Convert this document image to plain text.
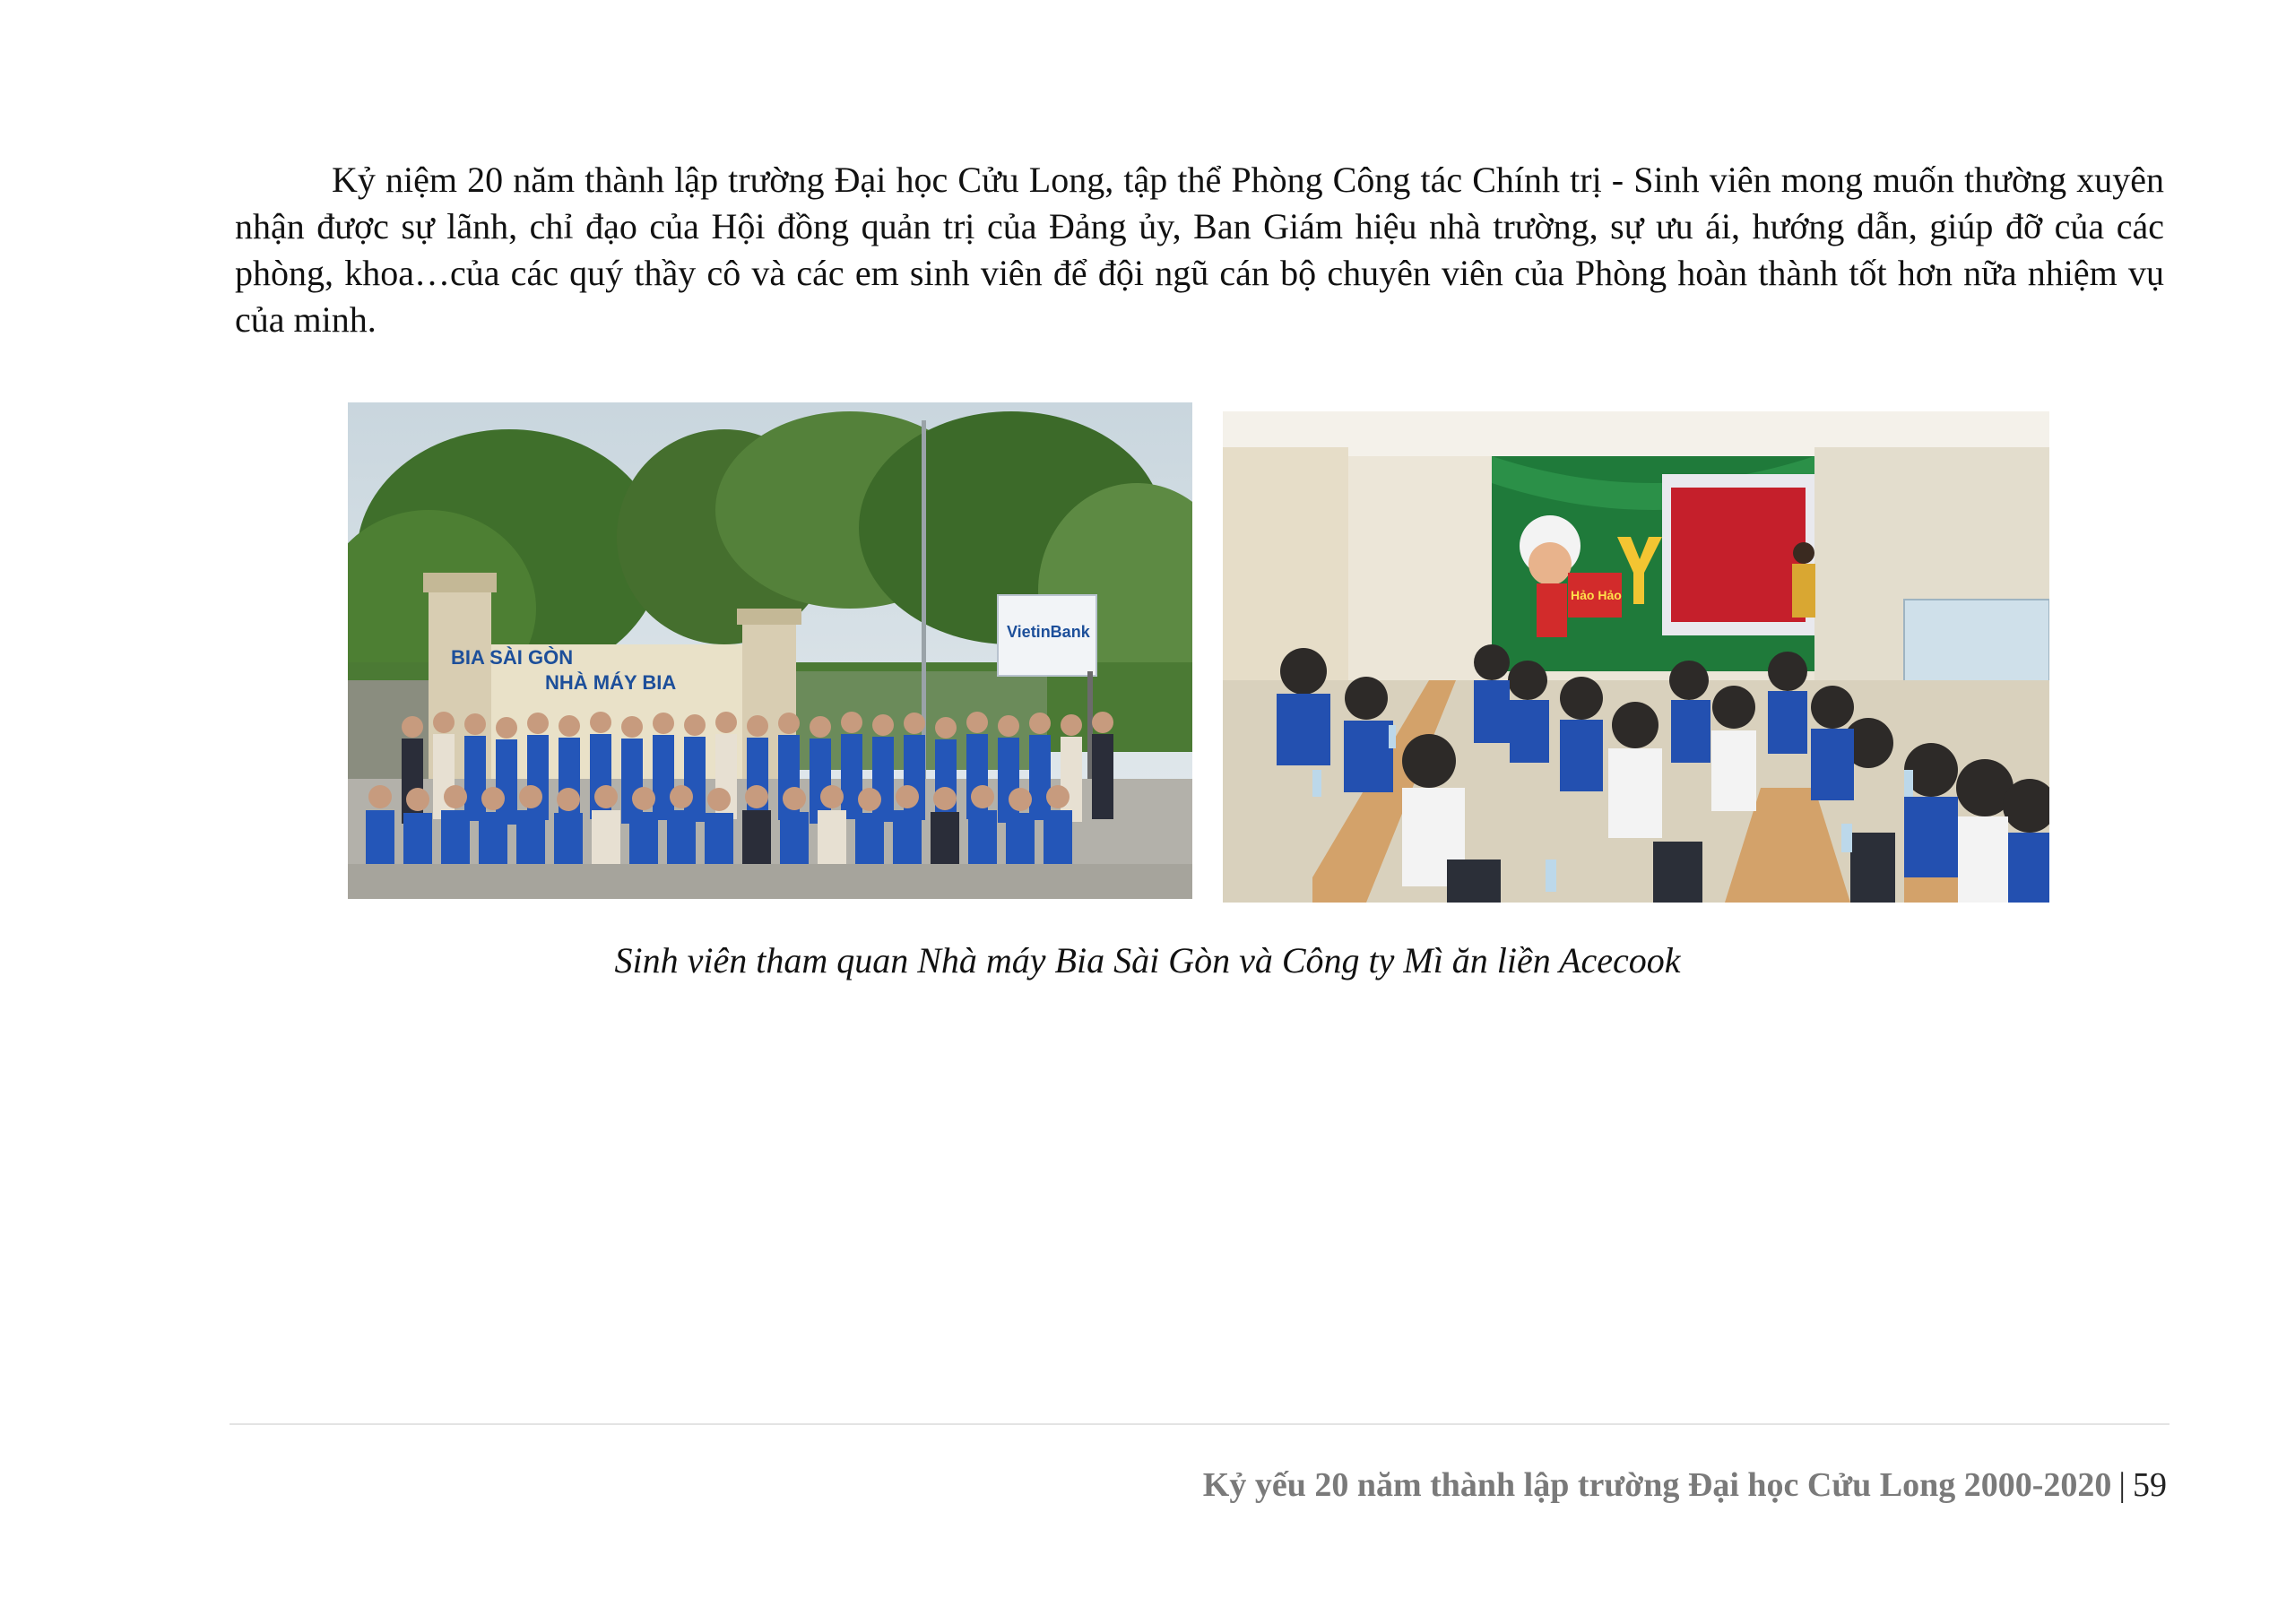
Kỷ niệm 20 năm thành lập trường Đại học Cửu Long, tập thể Phòng Công tác Chính trị - Sinh viên mong muốn thường xuyên nhận được sự lãnh, chỉ đạo của Hội đồng quản trị của Đảng ủy, Ban Giám hiệu nhà trường, sự ưu ái, hướng dẫn, giúp đỡ của các phòng, khoa…của các quý thầy cô và các em sinh viên để đội ngũ cán bộ chuyên viên của Phòng hoàn thành tốt hơn nữa nhiệm vụ của minh.

BIA SÀI GÒN
NHÀ MÁY BIA
VietinBank
Hảo Hảo

Sinh viên tham quan Nhà máy Bia Sài Gòn và Công ty Mì ăn liền Acecook

Kỷ yếu 20 năm thành lập trường Đại học Cửu Long 2000-2020 | 59
